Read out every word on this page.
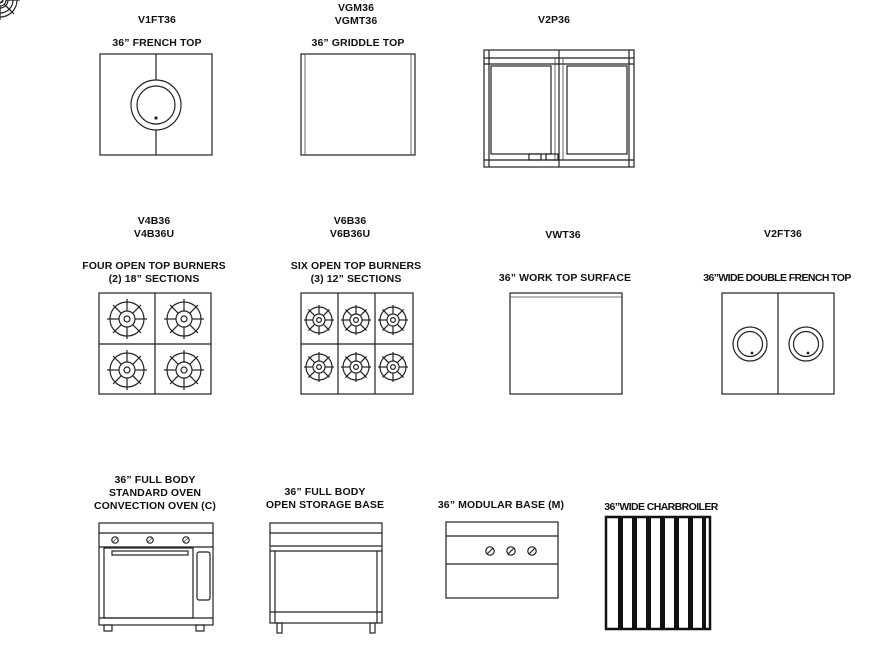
V1FT36
36” FRENCH TOP
VGM36
VGMT36
36” GRIDDLE TOP
V2P36
V4B36
V4B36U
FOUR OPEN TOP BURNERS
(2) 18” SECTIONS
V6B36
V6B36U
SIX OPEN TOP BURNERS
(3) 12” SECTIONS
VWT36
36” WORK TOP SURFACE
V2FT36
36”WIDE DOUBLE FRENCH TOP
36” FULL BODY
STANDARD OVEN
CONVECTION OVEN (C)
36” FULL BODY
OPEN STORAGE BASE	36” MODULAR BASE (M)	36”WIDE CHARBROILER
